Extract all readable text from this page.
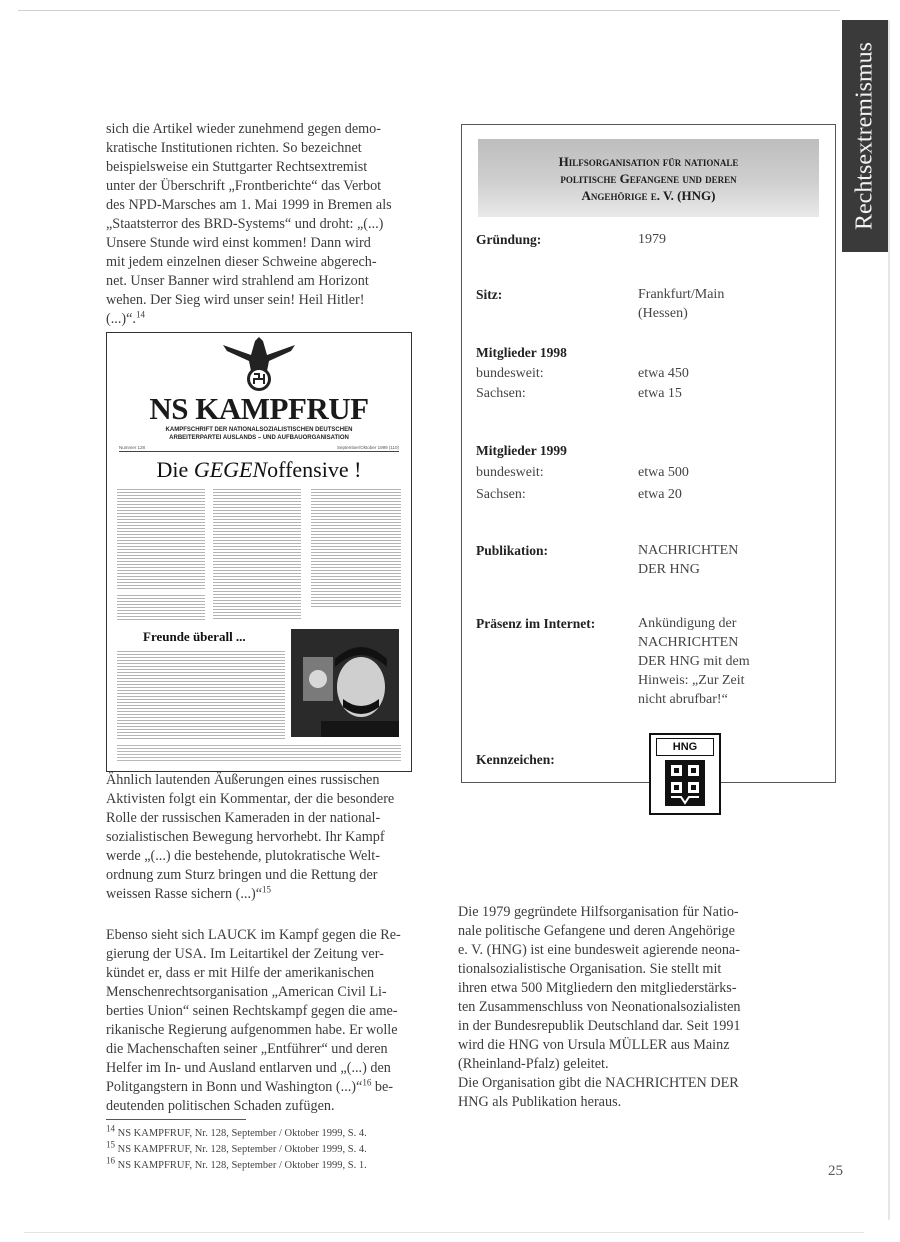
Rechtsextremismus

sich die Artikel wieder zunehmend gegen demo-

kratische Institutionen richten. So bezeichnet

beispielsweise ein Stuttgarter Rechtsextremist

unter der Überschrift „Frontberichte“ das Verbot

des NPD-Marsches am 1. Mai 1999 in Bremen als

„Staatsterror des BRD-Systems“ und droht: „(...)

Unsere Stunde wird einst kommen! Dann wird

mit jedem einzelnen dieser Schweine abgerech-

net. Unser Banner wird strahlend am Horizont

wehen. Der Sieg wird unser sein! Heil Hitler!

(...)“.$^{14}$

NS KAMPFRUF
KAMPFSCHRIFT DER NATIONALSOZIALISTISCHEN DEUTSCHEN
ARBEITERPARTEI AUSLANDS – UND AUFBAUORGANISATION
Nummer 128	September/Oktober 1999 (110)
Die GEGENoffensive !
Freunde überall ...
Hilfsorganisation für nationale
politische Gefangene und deren
Angehörige e. V. (HNG)
Gründung:	1979
Sitz:	Frankfurt/Main
(Hessen)
Mitglieder 1998
bundesweit:	etwa 450
Sachsen:	etwa 15
Mitglieder 1999
bundesweit:	etwa 500
Sachsen:	etwa 20
Publikation:	NACHRICHTEN
DER HNG
Präsenz im Internet:	Ankündigung der
NACHRICHTEN
DER HNG mit dem
Hinweis: „Zur Zeit
nicht abrufbar!“
Kennzeichen:
HNG

Ähnlich lautenden Äußerungen eines russischen

Aktivisten folgt ein Kommentar, der die besondere

Rolle der russischen Kameraden in der national-

sozialistischen Bewegung hervorhebt. Ihr Kampf

werde „(...) die bestehende, plutokratische Welt-

ordnung zum Sturz bringen und die Rettung der

weissen Rasse sichern (...)“$^{15}$

Ebenso sieht sich LAUCK im Kampf gegen die Re-

gierung der USA. Im Leitartikel der Zeitung ver-

kündet er, dass er mit Hilfe der amerikanischen

Menschenrechtsorganisation „American Civil Li-

berties Union“ seinen Rechtskampf gegen die ame-

rikanische Regierung aufgenommen habe. Er wolle

die Machenschaften seiner „Entführer“ und deren

Helfer im In- und Ausland entlarven und „(...) den

Politgangstern in Bonn und Washington (...)“$^{16}$ be-

deutenden politischen Schaden zufügen.

Die 1979 gegründete Hilfsorganisation für Natio-

nale politische Gefangene und deren Angehörige

e. V. (HNG) ist eine bundesweit agierende neona-

tionalsozialistische Organisation. Sie stellt mit

ihren etwa 500 Mitgliedern den mitgliederstärks-

ten Zusammenschluss von Neonationalsozialisten

in der Bundesrepublik Deutschland dar. Seit 1991

wird die HNG von Ursula MÜLLER aus Mainz

(Rheinland-Pfalz) geleitet.

Die Organisation gibt die NACHRICHTEN DER

HNG als Publikation heraus.

$^{14}$ NS KAMPFRUF, Nr. 128, September / Oktober 1999, S. 4.
$^{15}$ NS KAMPFRUF, Nr. 128, September / Oktober 1999, S. 4.
$^{16}$ NS KAMPFRUF, Nr. 128, September / Oktober 1999, S. 1.	25
